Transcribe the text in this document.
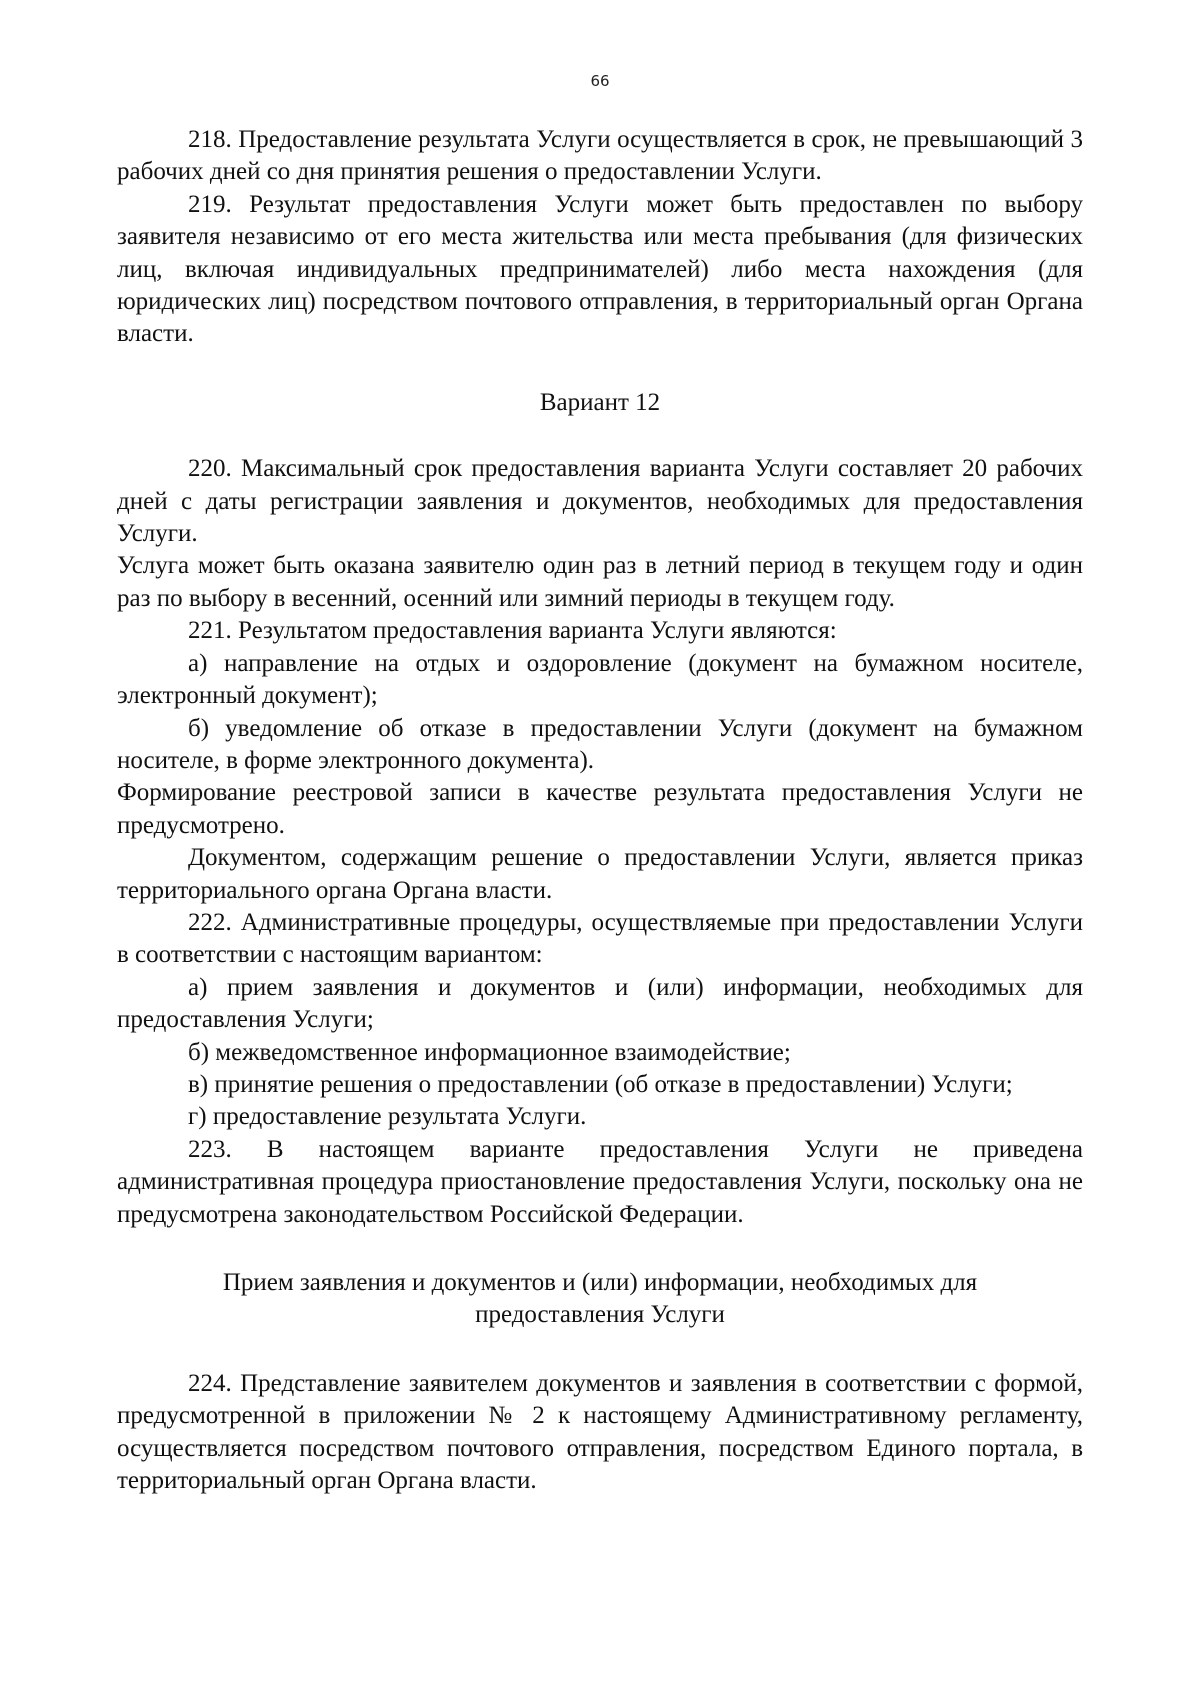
66

218. Предоставление результата Услуги осуществляется в срок, не превышающий 3 рабочих дней со дня принятия решения о предоставлении Услуги.

219. Результат предоставления Услуги может быть предоставлен по выбору заявителя независимо от его места жительства или места пребывания (для физических лиц, включая индивидуальных предпринимателей) либо места нахождения (для юридических лиц) посредством почтового отправления, в территориальный орган Органа власти.

Вариант 12

220. Максимальный срок предоставления варианта Услуги составляет 20 рабочих дней с даты регистрации заявления и документов, необходимых для предоставления Услуги.

Услуга может быть оказана заявителю один раз в летний период в текущем году и один раз по выбору в весенний, осенний или зимний периоды в текущем году.

221. Результатом предоставления варианта Услуги являются:

а) направление на отдых и оздоровление (документ на бумажном носителе, электронный документ);

б) уведомление об отказе в предоставлении Услуги (документ на бумажном носителе, в форме электронного документа).

Формирование реестровой записи в качестве результата предоставления Услуги не предусмотрено.

Документом, содержащим решение о предоставлении Услуги, является приказ территориального органа Органа власти.

222. Административные процедуры, осуществляемые при предоставлении Услуги в соответствии с настоящим вариантом:

а) прием заявления и документов и (или) информации, необходимых для предоставления Услуги;

б) межведомственное информационное взаимодействие;

в) принятие решения о предоставлении (об отказе в предоставлении) Услуги;

г) предоставление результата Услуги.

223. В настоящем варианте предоставления Услуги не приведена административная процедура приостановление предоставления Услуги, поскольку она не предусмотрена законодательством Российской Федерации.

Прием заявления и документов и (или) информации, необходимых для предоставления Услуги

224. Представление заявителем документов и заявления в соответствии с формой, предусмотренной в приложении № 2 к настоящему Административному регламенту, осуществляется посредством почтового отправления, посредством Единого портала, в территориальный орган Органа власти.
